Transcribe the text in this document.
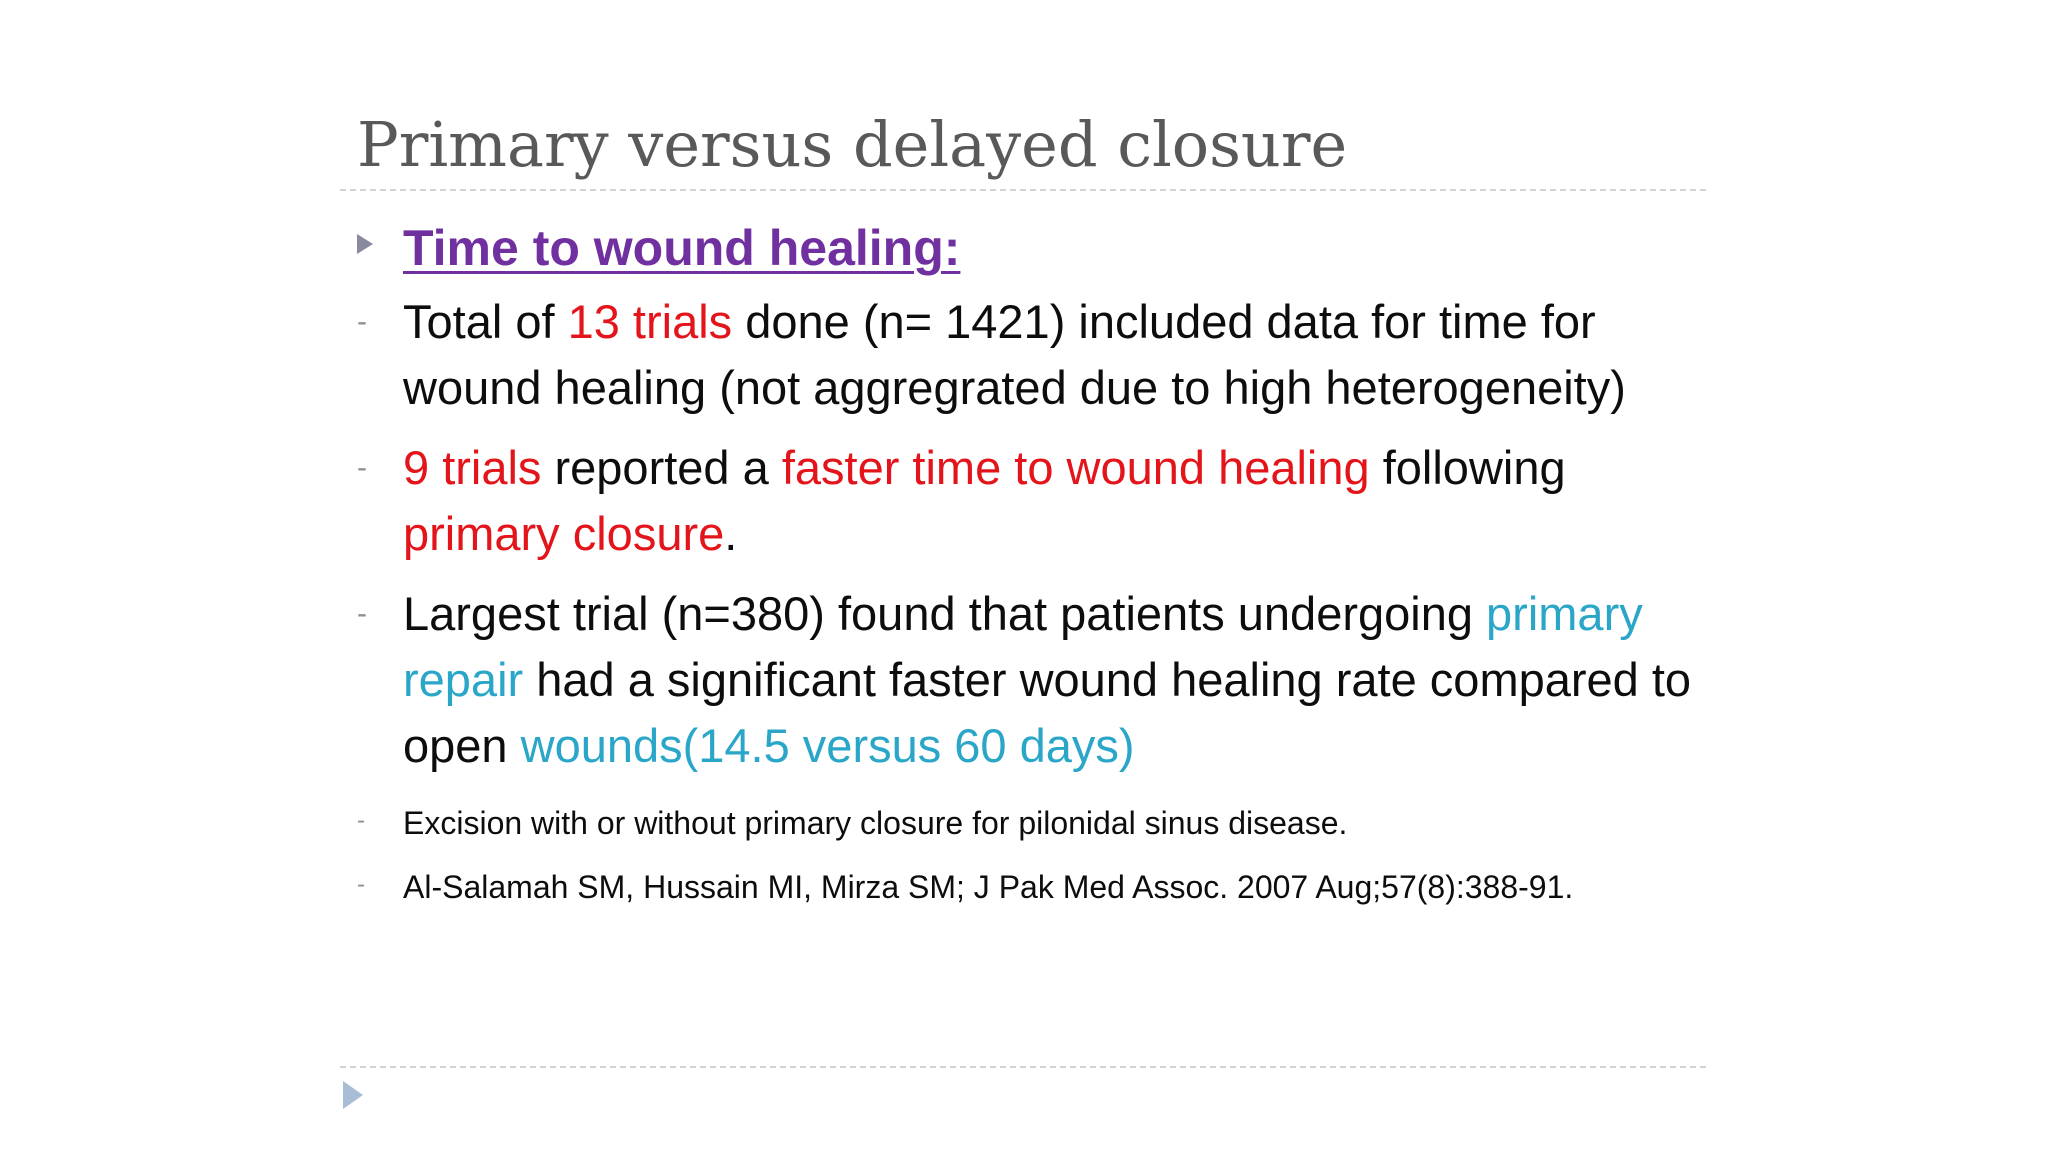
Primary versus delayed closure
Time to wound healing:
- Total of 13 trials done (n= 1421) included data for time for wound healing (not aggregrated due to high heterogeneity)
- 9 trials reported a faster time to wound healing following primary closure.
- Largest trial (n=380) found that patients undergoing primary repair had a significant faster wound healing rate compared to open wounds(14.5 versus 60 days)
- Excision with or without primary closure for pilonidal sinus disease.
- Al-Salamah SM, Hussain MI, Mirza SM; J Pak Med Assoc. 2007 Aug;57(8):388-91.
